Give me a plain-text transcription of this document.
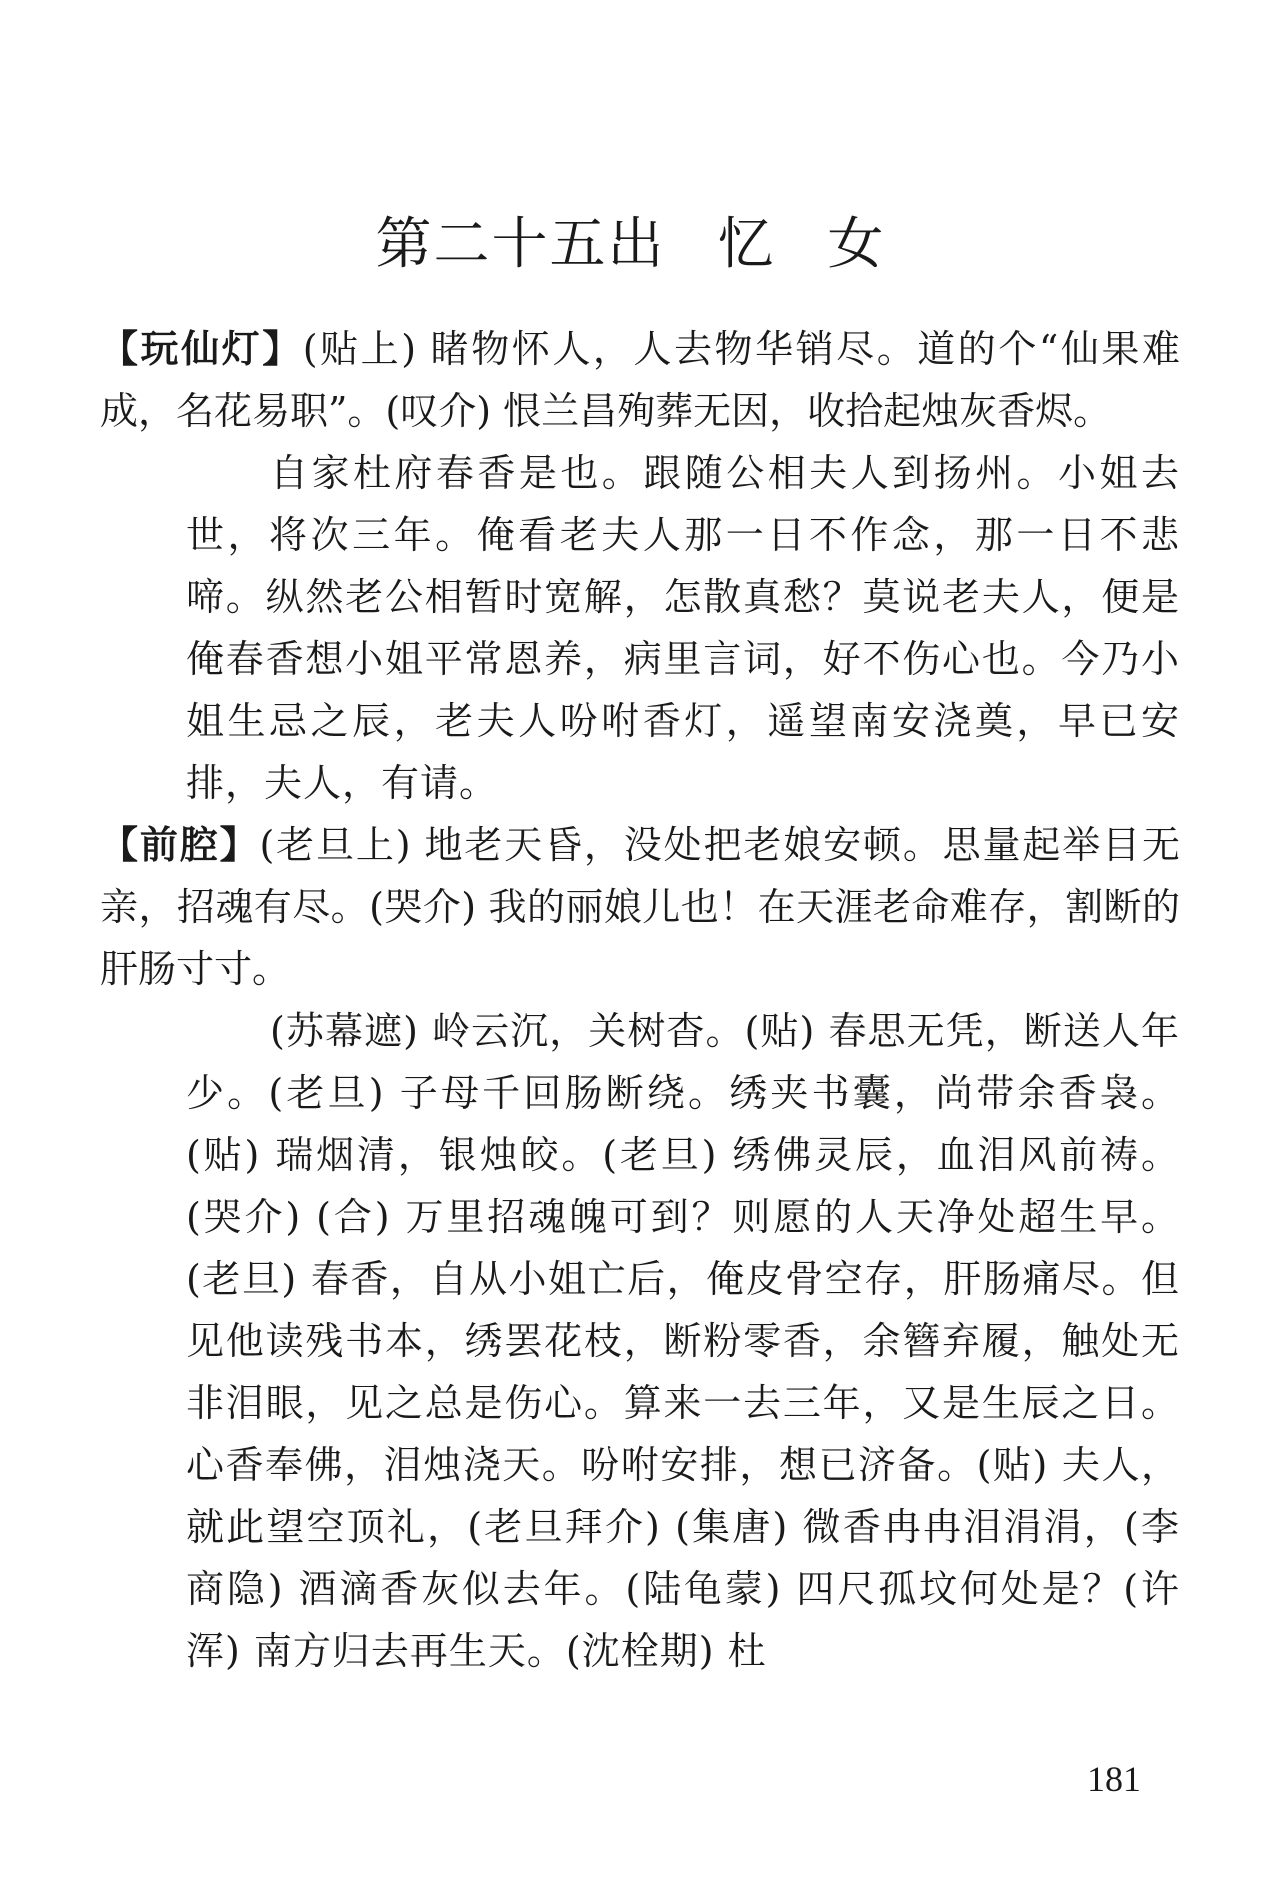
第二十五出 忆 女

【玩仙灯】(贴上) 睹物怀人，人去物华销尽。道的个“仙果难成，名花易职”。(叹介) 恨兰昌殉葬无因，收拾起烛灰香烬。

自家杜府春香是也。跟随公相夫人到扬州。小姐去世，将次三年。俺看老夫人那一日不作念，那一日不悲啼。纵然老公相暂时宽解，怎散真愁？莫说老夫人，便是俺春香想小姐平常恩养，病里言词，好不伤心也。今乃小姐生忌之辰，老夫人吩咐香灯，遥望南安浇奠，早已安排，夫人，有请。

【前腔】(老旦上) 地老天昏，没处把老娘安顿。思量起举目无亲，招魂有尽。(哭介) 我的丽娘儿也！在天涯老命难存，割断的肝肠寸寸。

(苏幕遮) 岭云沉，关树杳。(贴) 春思无凭，断送人年少。(老旦) 子母千回肠断绕。绣夹书囊，尚带余香袅。(贴) 瑞烟清，银烛皎。(老旦) 绣佛灵辰，血泪风前祷。(哭介) (合) 万里招魂魄可到？则愿的人天净处超生早。(老旦) 春香，自从小姐亡后，俺皮骨空存，肝肠痛尽。但见他读残书本，绣罢花枝，断粉零香，余簪弃履，触处无非泪眼，见之总是伤心。算来一去三年，又是生辰之日。心香奉佛，泪烛浇天。吩咐安排，想已济备。(贴) 夫人，就此望空顶礼，(老旦拜介) (集唐) 微香冉冉泪涓涓，(李商隐) 酒滴香灰似去年。(陆龟蒙) 四尺孤坟何处是？(许浑) 南方归去再生天。(沈栓期) 杜

181
